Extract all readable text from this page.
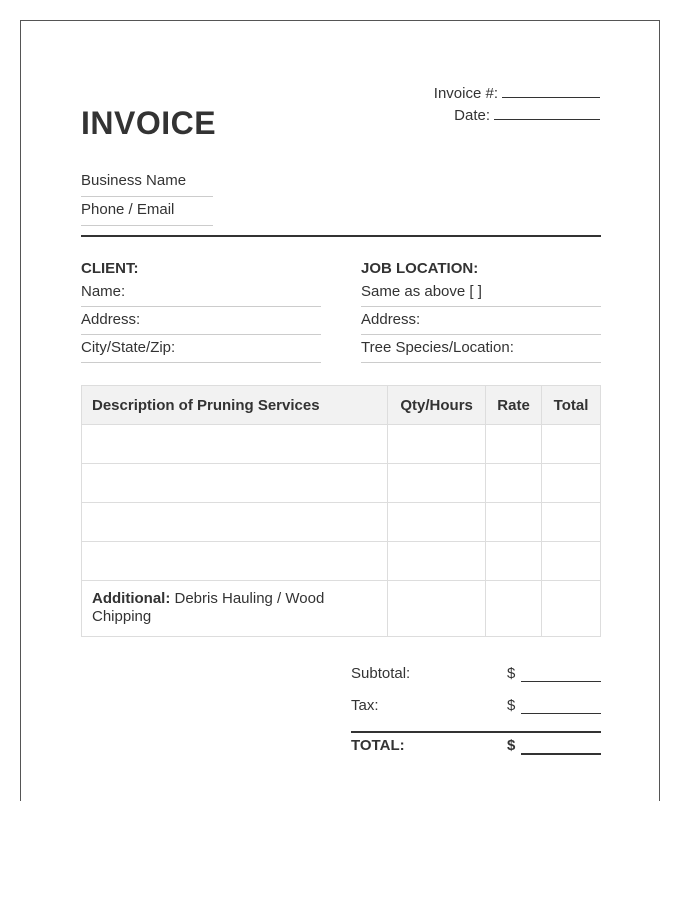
Invoice #:
Date:
INVOICE
Business Name
Phone / Email
CLIENT:
Name:
Address:
City/State/Zip:
JOB LOCATION:
Same as above [ ]
Address:
Tree Species/Location:
Description of Pruning Services	Qty/Hours	Rate	Total

Additional: Debris Hauling / Wood Chipping			
Subtotal:	$
Tax:	$
TOTAL:	$
